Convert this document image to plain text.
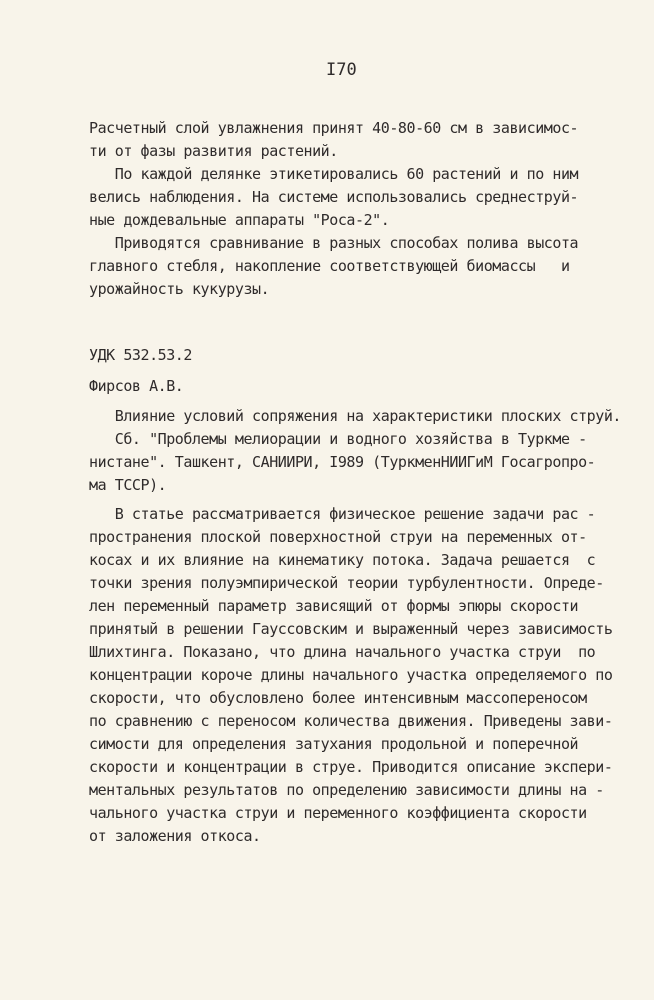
I70
Расчетный слой увлажнения принят 40-80-60 см в зависимос-
ти от фазы развития растений.
По каждой делянке этикетировались 60 растений и по ним
велись наблюдения. На системе использовались среднеструй-
ные дождевальные аппараты "Роса-2".
Приводятся сравнивание в разных способах полива высота
главного стебля, накопление соответствующей биомассы   и
урожайность кукурузы.
УДК 532.53.2
Фирсов А.В.
Влияние условий сопряжения на характеристики плоских струй.
Сб. "Проблемы мелиорации и водного хозяйства в Туркме -
нистане". Ташкент, САНИИРИ, I989 (ТуркменНИИГиМ Госагропро-
ма ТССР).
В статье рассматривается физическое решение задачи рас -
пространения плоской поверхностной струи на переменных от-
косах и их влияние на кинематику потока. Задача решается  с
точки зрения полуэмпирической теории турбулентности. Опреде-
лен переменный параметр зависящий от формы эпюры скорости
принятый в решении Гауссовским и выраженный через зависимость
Шлихтинга. Показано, что длина начального участка струи  по
концентрации короче длины начального участка определяемого по
скорости, что обусловлено более интенсивным массопереносом
по сравнению с переносом количества движения. Приведены зави-
симости для определения затухания продольной и поперечной
скорости и концентрации в струе. Приводится описание экспери-
ментальных результатов по определению зависимости длины на -
чального участка струи и переменного коэффициента скорости
от заложения откоса.
